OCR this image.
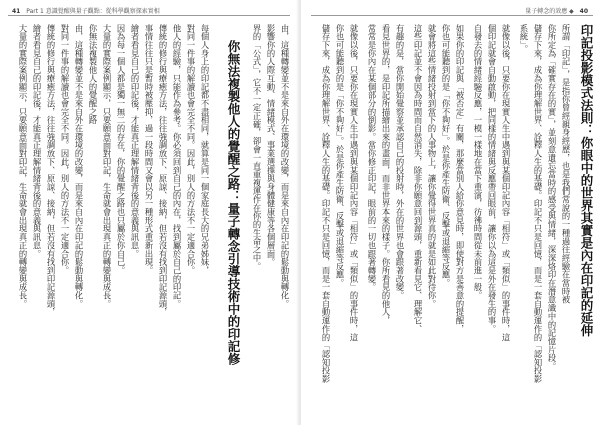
41 Part 1 意識覺醒與量子觀點：從科學觀察探索實相
由，這種轉變並不是來自外在環境的改變，而是來自內在印記的鬆動與轉化。
影響你的人際互動、情緒模式、事業選擇與身體健康等各個層面。
界的「公式」，它不一定正確，卻會一直重複運作在你的生命之中。
你無法複製他人的覺醒之路：量子轉念引導技術中的印記修
每個人身上的印記都不盡相同，就算是同一個家庭長大的兄弟姊妹，
對同一件事的解讀也會完全不同。因此，別人的方法不一定適合你。
他人的經驗，只能作為參考。你必須回到自己的內在，找到屬於自己的印記。
傳統的修行與療癒方法，往往強調放下、原諒、接納，但若沒有找到印記源頭，
事情往往只是暫時被壓抑，過一段時間又會以另一種形式重新出現。
繪者看見自己的印記後，才能真正理解情緒背後的意義與訊息。
因為每一個人都是獨一無二的存在，你的覺醒之路也只屬於你自己。
大量的實際案例顯示，只要願意面對印記，生命就會出現真正的轉變與成長。
你無法複製他人的覺醒之路
由，這種轉變並不是來自外在環境的改變，而是來自內在印記的鬆動與轉化。
對同一件事的解讀也會完全不同。因此，別人的方法不一定適合你。
傳統的修行與療癒方法，往往強調放下、原諒、接納，但若沒有找到印記源頭，
繪者看見自己的印記後，才能真正理解情緒背後的意義與訊息。
大量的實際案例顯示，只要願意面對印記，生命就會出現真正的轉變與成長。
量子轉念的效應 ◆ 40
印記投影模式法則：你眼中的世界其實是內在印記的延伸
所謂「印記」，是指你曾經親身經歷，也是我們常說的一種過往經驗在當時被
你所定為「確實存在的實」，並刻意遺忘當時的感受與情緒，深深烙印在潛意識中的記憶片段。
儲存下來，成為你理解世界、詮釋人生的基礎。印記不只是回憶，而是一套自動運作的「認知投影
系統」。
就像以後，只要你在現實人生中遇到與某個印記內容「相符」或「類似」的事件時，這
個印記就會自動啟動，把同樣的情緒與反應帶回眼前，讓你以為這是外在發生的事。
自發去的情緒經驗反應，一模一樣地在當下重演，彷彿時間從未前進一般。
如果你的印記與「被否定」有關，那麼當別人給你意見時，即使對方是善意的提醒，
你也可能聽到的是「你不夠好」。於是你產生防衛、反擊或退縮等反應。
就會將這些情緒投射到當下的人事物上，讓你覺得世界真的就是如此對待你。
這些印記並不會因為時間而自然消失，除非你願意回到源頭，重新看見它、理解它、
有趣的是，當你開始覺察並承認自己的投射時，外在的世界也會跟著改變。
看見世界的，是印記所描繪出來的畫面，而非世界本來的樣子。你所看見的他人，
常常是你內在某個部分的倒影。當你修正印記，眼前的一切也跟著轉變。
就像以後，只要你在現實人生中遇到與某個印記內容「相符」或「類似」的事件時，這
你也可能聽到的是「你不夠好」。於是你產生防衛、反擊或退縮等反應。
儲存下來，成為你理解世界、詮釋人生的基礎。印記不只是回憶，而是一套自動運作的「認知投影
